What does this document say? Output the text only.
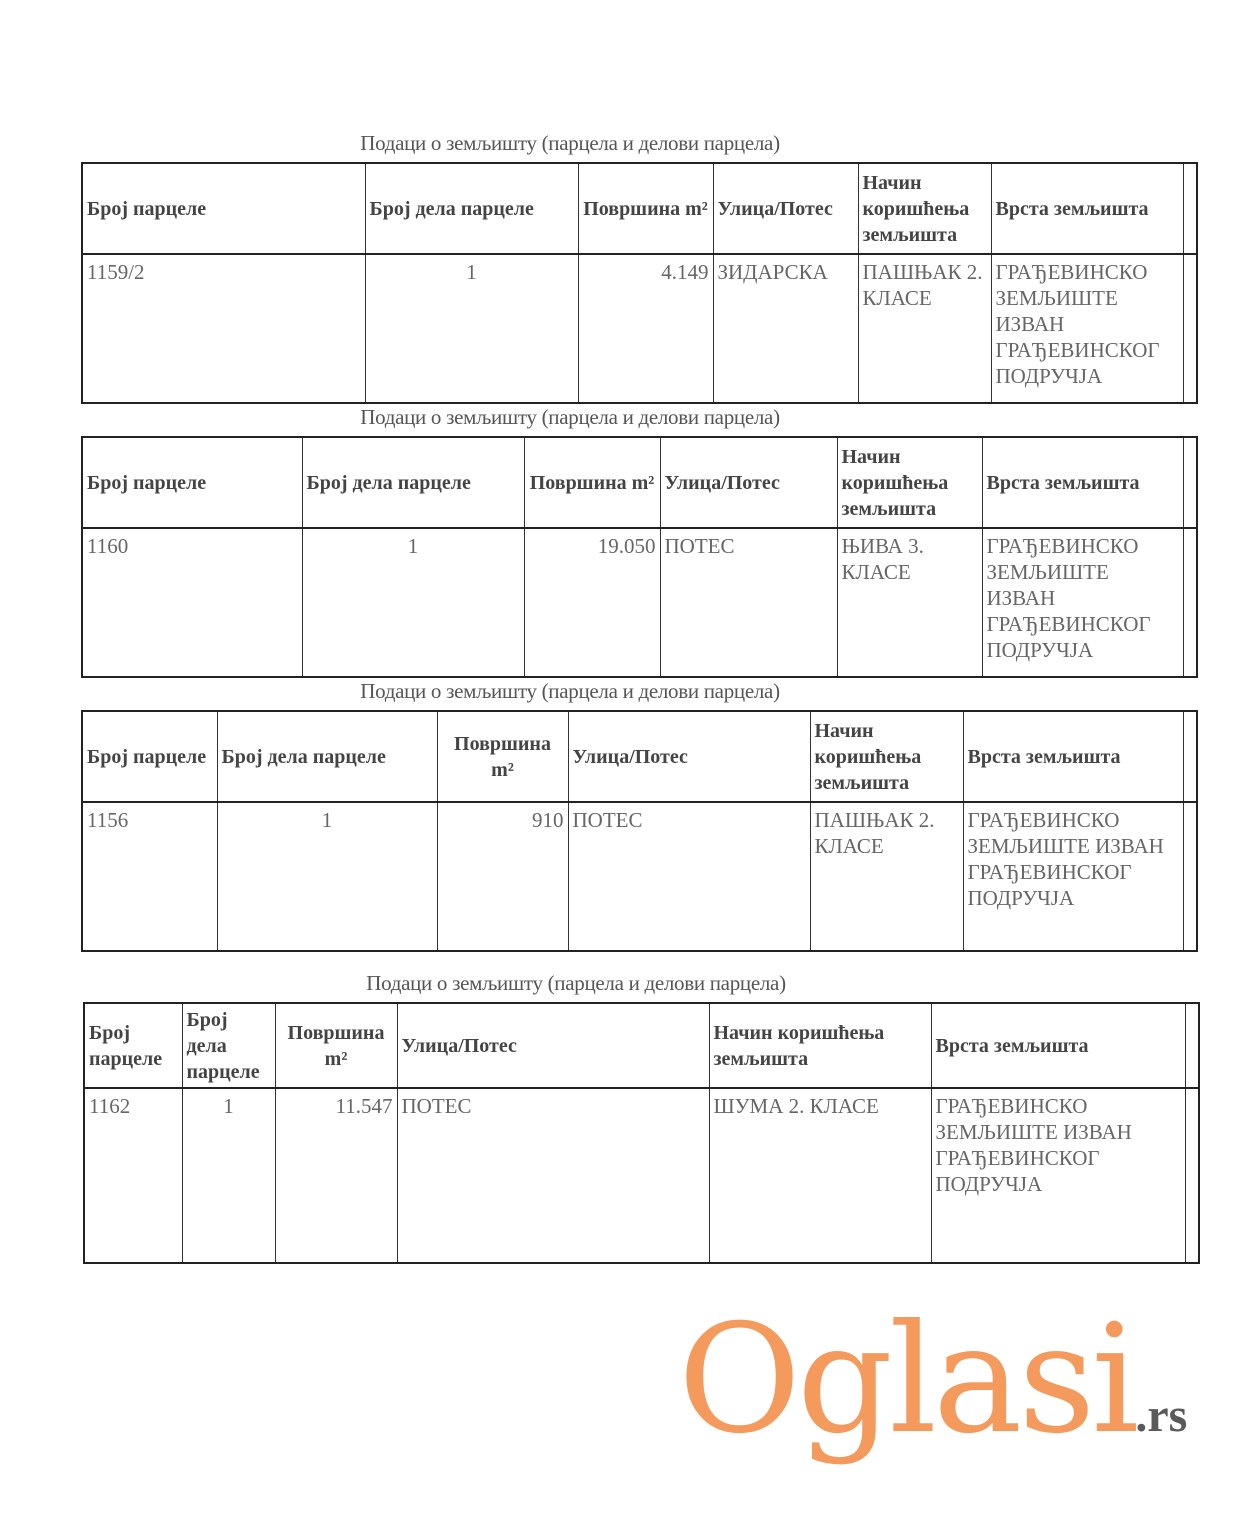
Подаци о земљишту (парцела и делови парцела)
Број парцеле	Број дела парцеле	Површина m²	Улица/Потес	Начин коришћења земљишта	Врста земљишта	
1159/2	1	4.149	ЗИДАРСКА	ПАШЊАК 2. КЛАСЕ	ГРАЂЕВИНСКО ЗЕМЉИШТЕ ИЗВАН ГРАЂЕВИНСКОГ ПОДРУЧЈА	
Подаци о земљишту (парцела и делови парцела)
Број парцеле	Број дела парцеле	Површина m²	Улица/Потес	Начин коришћења земљишта	Врста земљишта	
1160	1	19.050	ПОТЕС	ЊИВА 3. КЛАСЕ	ГРАЂЕВИНСКО ЗЕМЉИШТЕ ИЗВАН ГРАЂЕВИНСКОГ ПОДРУЧЈА	
Подаци о земљишту (парцела и делови парцела)
Број парцеле	Број дела парцеле	Површина m²	Улица/Потес	Начин коришћења земљишта	Врста земљишта	
1156	1	910	ПОТЕС	ПАШЊАК 2. КЛАСЕ	ГРАЂЕВИНСКО ЗЕМЉИШТЕ ИЗВАН ГРАЂЕВИНСКОГ ПОДРУЧЈА	
Подаци о земљишту (парцела и делови парцела)
Број парцеле	Број дела парцеле	Површина m²	Улица/Потес	Начин коришћења земљишта	Врста земљишта	
1162	1	11.547	ПОТЕС	ШУМА 2. КЛАСЕ	ГРАЂЕВИНСКО ЗЕМЉИШТЕ ИЗВАН ГРАЂЕВИНСКОГ ПОДРУЧЈА	
Oglasi.rs
